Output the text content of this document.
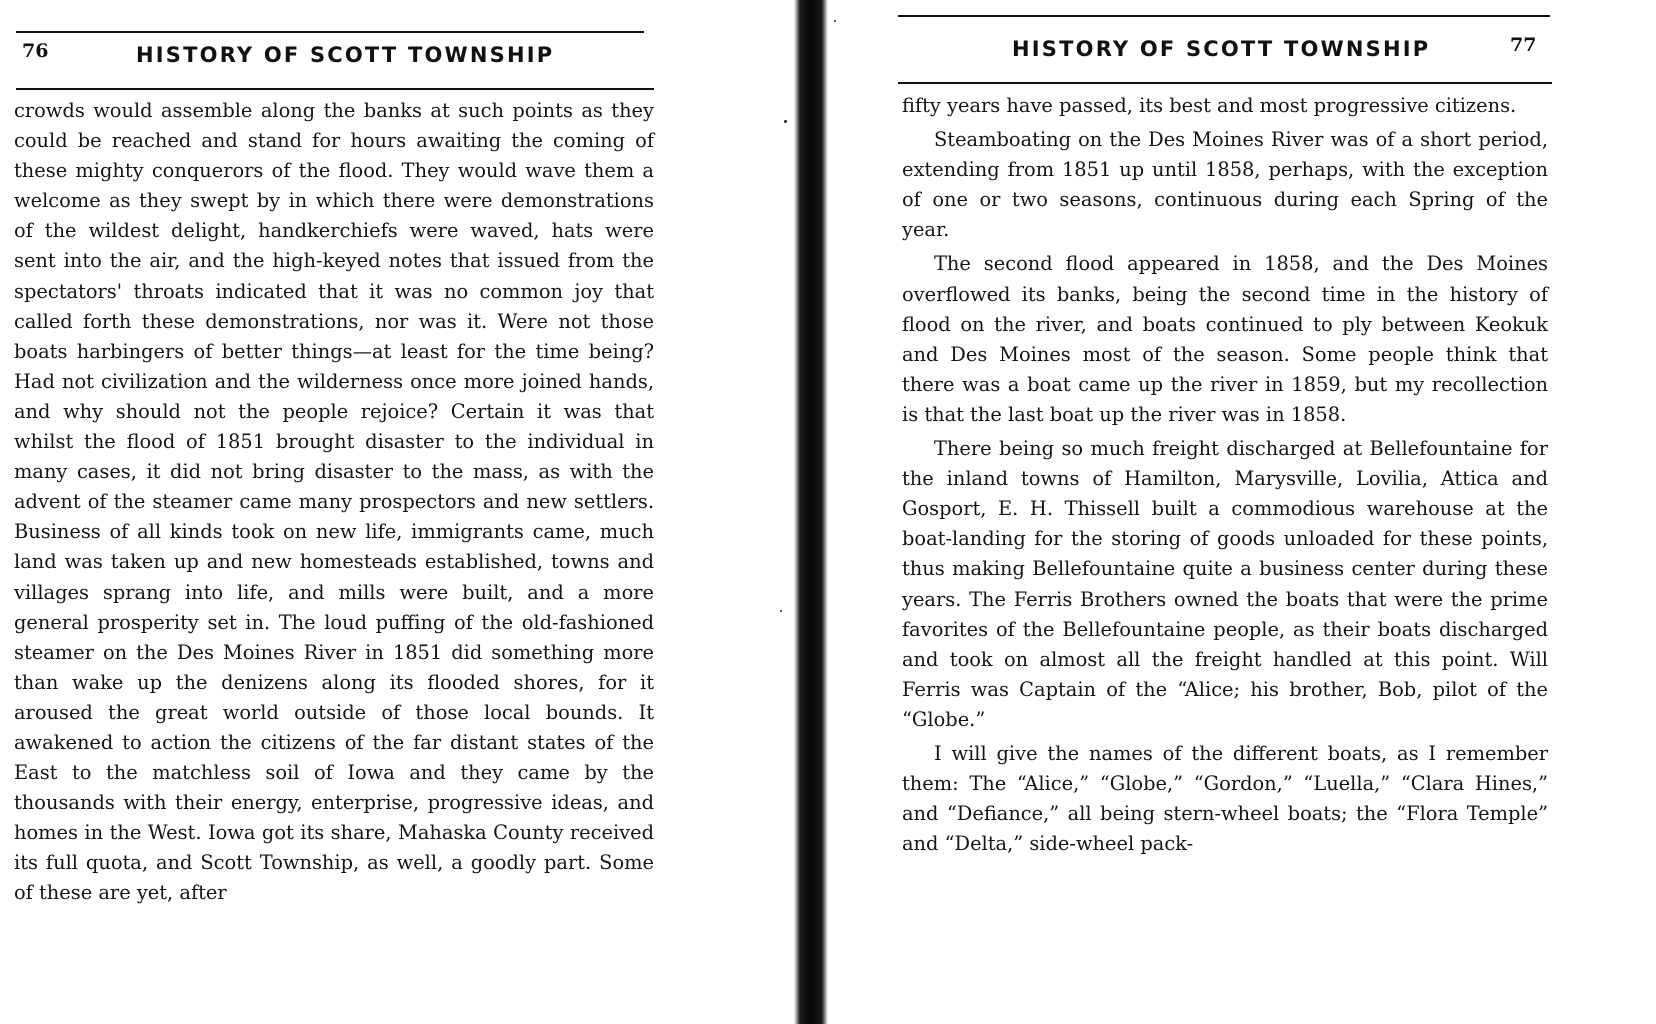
76	HISTORY OF SCOTT TOWNSHIP

crowds would assemble along the banks at such points as they could be reached and stand for hours awaiting the coming of these mighty conquerors of the flood. They would wave them a welcome as they swept by in which there were demonstrations of the wildest delight, handkerchiefs were waved, hats were sent into the air, and the high-keyed notes that issued from the spectators' throats indicated that it was no common joy that called forth these demonstrations, nor was it. Were not those boats harbingers of better things—at least for the time being? Had not civilization and the wilderness once more joined hands, and why should not the people rejoice? Certain it was that whilst the flood of 1851 brought disaster to the individual in many cases, it did not bring disaster to the mass, as with the advent of the steamer came many prospectors and new settlers. Business of all kinds took on new life, immigrants came, much land was taken up and new homesteads established, towns and villages sprang into life, and mills were built, and a more general prosperity set in. The loud puffing of the old-fashioned steamer on the Des Moines River in 1851 did something more than wake up the denizens along its flooded shores, for it aroused the great world outside of those local bounds. It awakened to action the citizens of the far distant states of the East to the matchless soil of Iowa and they came by the thousands with their energy, enterprise, progressive ideas, and homes in the West. Iowa got its share, Mahaska County received its full quota, and Scott Township, as well, a goodly part. Some of these are yet, after

HISTORY OF SCOTT TOWNSHIP	77

fifty years have passed, its best and most progressive citizens.

Steamboating on the Des Moines River was of a short period, extending from 1851 up until 1858, perhaps, with the exception of one or two seasons, continuous during each Spring of the year.

The second flood appeared in 1858, and the Des Moines overflowed its banks, being the second time in the history of flood on the river, and boats continued to ply between Keokuk and Des Moines most of the season. Some people think that there was a boat came up the river in 1859, but my recollection is that the last boat up the river was in 1858.

There being so much freight discharged at Bellefountaine for the inland towns of Hamilton, Marysville, Lovilia, Attica and Gosport, E. H. Thissell built a commodious warehouse at the boat-landing for the storing of goods unloaded for these points, thus making Bellefountaine quite a business center during these years. The Ferris Brothers owned the boats that were the prime favorites of the Bellefountaine people, as their boats discharged and took on almost all the freight handled at this point. Will Ferris was Captain of the “Alice; his brother, Bob, pilot of the “Globe.”

I will give the names of the different boats, as I remember them: The “Alice,” “Globe,” “Gordon,” “Luella,” “Clara Hines,” and “Defiance,” all being stern-wheel boats; the “Flora Temple” and “Delta,” side-wheel pack-
